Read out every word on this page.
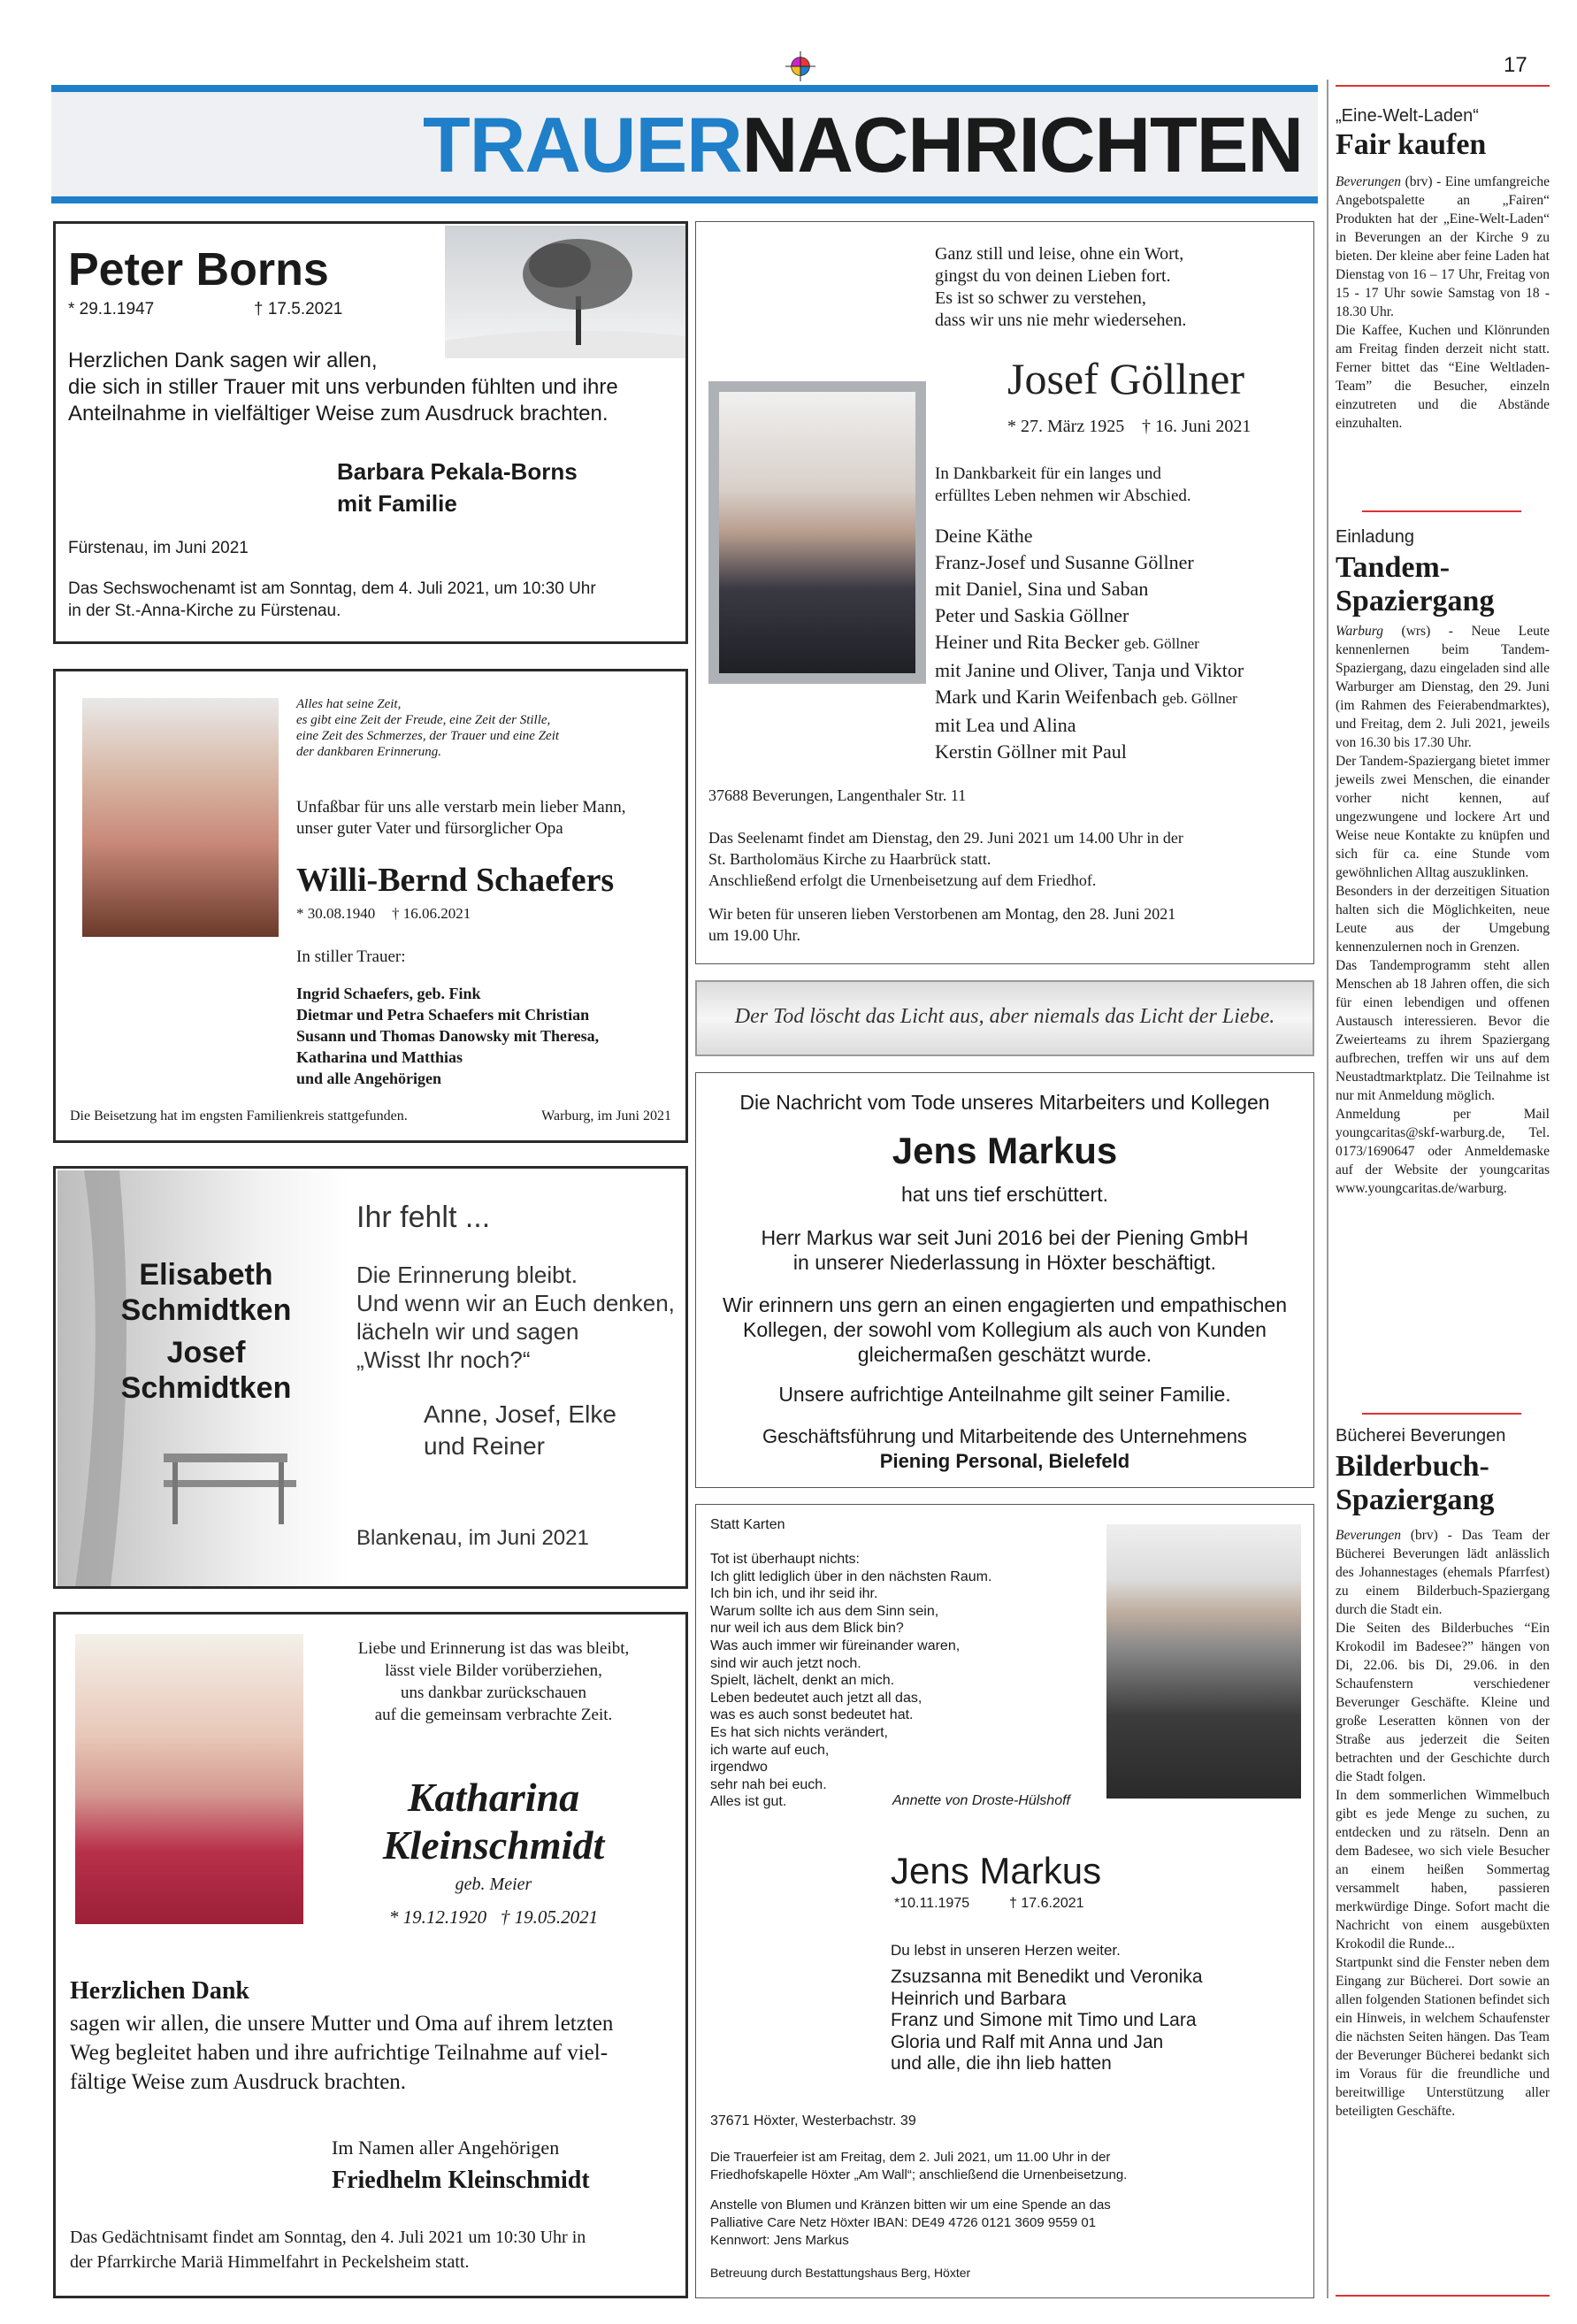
17
TRAUERNACHRICHTEN
Peter Borns
* 29.1.1947	† 17.5.2021
Herzlichen Dank sagen wir allen,
die sich in stiller Trauer mit uns verbunden fühlten und ihre
Anteilnahme in vielfältiger Weise zum Ausdruck brachten.
Barbara Pekala-Borns
mit Familie
Fürstenau, im Juni 2021
Das Sechswochenamt ist am Sonntag, dem 4. Juli 2021, um 10:30 Uhr
in der St.-Anna-Kirche zu Fürstenau.
Alles hat seine Zeit,
es gibt eine Zeit der Freude, eine Zeit der Stille,
eine Zeit des Schmerzes, der Trauer und eine Zeit
der dankbaren Erinnerung.
Unfaßbar für uns alle verstarb mein lieber Mann,
unser guter Vater und fürsorglicher Opa
Willi-Bernd Schaefers
* 30.08.1940 † 16.06.2021
In stiller Trauer:
Ingrid Schaefers, geb. Fink
Dietmar und Petra Schaefers mit Christian
Susann und Thomas Danowsky mit Theresa,
Katharina und Matthias
und alle Angehörigen
Die Beisetzung hat im engsten Familienkreis stattgefunden.	Warburg, im Juni 2021
Elisabeth
Schmidtken
Josef
Schmidtken
Ihr fehlt ...
Die Erinnerung bleibt.
Und wenn wir an Euch denken,
lächeln wir und sagen
„Wisst Ihr noch?“
Anne, Josef, Elke
und Reiner
Blankenau, im Juni 2021
Liebe und Erinnerung ist das was bleibt,
lässt viele Bilder vorüberziehen,
uns dankbar zurückschauen
auf die gemeinsam verbrachte Zeit.
Katharina
Kleinschmidt
geb. Meier
* 19.12.1920   † 19.05.2021
Herzlichen Dank
sagen wir allen, die unsere Mutter und Oma auf ihrem letzten
Weg begleitet haben und ihre aufrichtige Teilnahme auf viel-
fältige Weise zum Ausdruck brachten.
Im Namen aller Angehörigen
Friedhelm Kleinschmidt
Das Gedächtnisamt findet am Sonntag, den 4. Juli 2021 um 10:30 Uhr in
der Pfarrkirche Mariä Himmelfahrt in Peckelsheim statt.
Ganz still und leise, ohne ein Wort,
gingst du von deinen Lieben fort.
Es ist so schwer zu verstehen,
dass wir uns nie mehr wiedersehen.
Josef Göllner
* 27. März 1925 † 16. Juni 2021
In Dankbarkeit für ein langes und
erfülltes Leben nehmen wir Abschied.
Deine Käthe
Franz-Josef und Susanne Göllner
mit Daniel, Sina und Saban
Peter und Saskia Göllner
Heiner und Rita Becker geb. Göllner
mit Janine und Oliver, Tanja und Viktor
Mark und Karin Weifenbach geb. Göllner
mit Lea und Alina
Kerstin Göllner mit Paul
37688 Beverungen, Langenthaler Str. 11
Das Seelenamt findet am Dienstag, den 29. Juni 2021 um 14.00 Uhr in der
St. Bartholomäus Kirche zu Haarbrück statt.
Anschließend erfolgt die Urnenbeisetzung auf dem Friedhof.
Wir beten für unseren lieben Verstorbenen am Montag, den 28. Juni 2021
um 19.00 Uhr.
Der Tod löscht das Licht aus, aber niemals das Licht der Liebe.
Die Nachricht vom Tode unseres Mitarbeiters und Kollegen
Jens Markus
hat uns tief erschüttert.
Herr Markus war seit Juni 2016 bei der Piening GmbH
in unserer Niederlassung in Höxter beschäftigt.
Wir erinnern uns gern an einen engagierten und empathischen
Kollegen, der sowohl vom Kollegium als auch von Kunden
gleichermaßen geschätzt wurde.
Unsere aufrichtige Anteilnahme gilt seiner Familie.
Geschäftsführung und Mitarbeitende des Unternehmens
Piening Personal, Bielefeld
Statt Karten
Tot ist überhaupt nichts:
Ich glitt lediglich über in den nächsten Raum.
Ich bin ich, und ihr seid ihr.
Warum sollte ich aus dem Sinn sein,
nur weil ich aus dem Blick bin?
Was auch immer wir füreinander waren,
sind wir auch jetzt noch.
Spielt, lächelt, denkt an mich.
Leben bedeutet auch jetzt all das,
was es auch sonst bedeutet hat.
Es hat sich nichts verändert,
ich warte auf euch,
irgendwo
sehr nah bei euch.
Alles ist gut.	Annette von Droste-Hülshoff
Jens Markus
*10.11.1975	† 17.6.2021
Du lebst in unseren Herzen weiter.
Zsuzsanna mit Benedikt und Veronika
Heinrich und Barbara
Franz und Simone mit Timo und Lara
Gloria und Ralf mit Anna und Jan
und alle, die ihn lieb hatten
37671 Höxter, Westerbachstr. 39
Die Trauerfeier ist am Freitag, dem 2. Juli 2021, um 11.00 Uhr in der
Friedhofskapelle Höxter „Am Wall“; anschließend die Urnenbeisetzung.
Anstelle von Blumen und Kränzen bitten wir um eine Spende an das
Palliative Care Netz Höxter IBAN: DE49 4726 0121 3609 9559 01
Kennwort: Jens Markus
Betreuung durch Bestattungshaus Berg, Höxter
„Eine-Welt-Laden“
Fair kaufen

Beverungen (brv) - Eine umfangreiche Angebotspalette an „Fairen“ Produkten hat der „Eine-Welt-Laden“ in Beverungen an der Kirche 9 zu bieten. Der kleine aber feine Laden hat Dienstag von 16 – 17 Uhr, Freitag von 15 - 17 Uhr sowie Samstag von 18 - 18.30 Uhr.

Die Kaffee, Kuchen und Klönrunden am Freitag finden derzeit nicht statt. Ferner bittet das “Eine Weltladen-Team” die Besucher, einzeln einzutreten und die Abstände einzuhalten.

Einladung
Tandem-
Spaziergang

Warburg (wrs) - Neue Leute kennenlernen beim Tandem-Spaziergang, dazu eingeladen sind alle Warburger am Dienstag, den 29. Juni (im Rahmen des Feierabendmarktes), und Freitag, dem 2. Juli 2021, jeweils von 16.30 bis 17.30 Uhr.

Der Tandem-Spaziergang bietet immer jeweils zwei Menschen, die einander vorher nicht kennen, auf ungezwungene und lockere Art und Weise neue Kontakte zu knüpfen und sich für ca. eine Stunde vom gewöhnlichen Alltag auszuklinken.

Besonders in der derzeitigen Situation halten sich die Möglichkeiten, neue Leute aus der Umgebung kennenzulernen noch in Grenzen.

Das Tandemprogramm steht allen Menschen ab 18 Jahren offen, die sich für einen lebendigen und offenen Austausch interessieren. Bevor die Zweierteams zu ihrem Spaziergang aufbrechen, treffen wir uns auf dem Neustadtmarktplatz. Die Teilnahme ist nur mit Anmeldung möglich.

Anmeldung per Mail youngcaritas@skf-warburg.de, Tel. 0173/1690647 oder Anmeldemaske auf der Website der youngcaritas www.youngcaritas.de/warburg.

Bücherei Beverungen
Bilderbuch-
Spaziergang

Beverungen (brv) - Das Team der Bücherei Beverungen lädt anlässlich des Johannestages (ehemals Pfarrfest) zu einem Bilderbuch-Spaziergang durch die Stadt ein.

Die Seiten des Bilderbuches “Ein Krokodil im Badesee?” hängen von Di, 22.06. bis Di, 29.06. in den Schaufenstern verschiedener Beverunger Geschäfte. Kleine und große Leseratten können von der Straße aus jederzeit die Seiten betrachten und der Geschichte durch die Stadt folgen.

In dem sommerlichen Wimmelbuch gibt es jede Menge zu suchen, zu entdecken und zu rätseln. Denn an dem Badesee, wo sich viele Besucher an einem heißen Sommertag versammelt haben, passieren merkwürdige Dinge. Sofort macht die Nachricht von einem ausgebüxten Krokodil die Runde...

Startpunkt sind die Fenster neben dem Eingang zur Bücherei. Dort sowie an allen folgenden Stationen befindet sich ein Hinweis, in welchem Schaufenster die nächsten Seiten hängen. Das Team der Beverunger Bücherei bedankt sich im Voraus für die freundliche und bereitwillige Unterstützung aller beteiligten Geschäfte.
